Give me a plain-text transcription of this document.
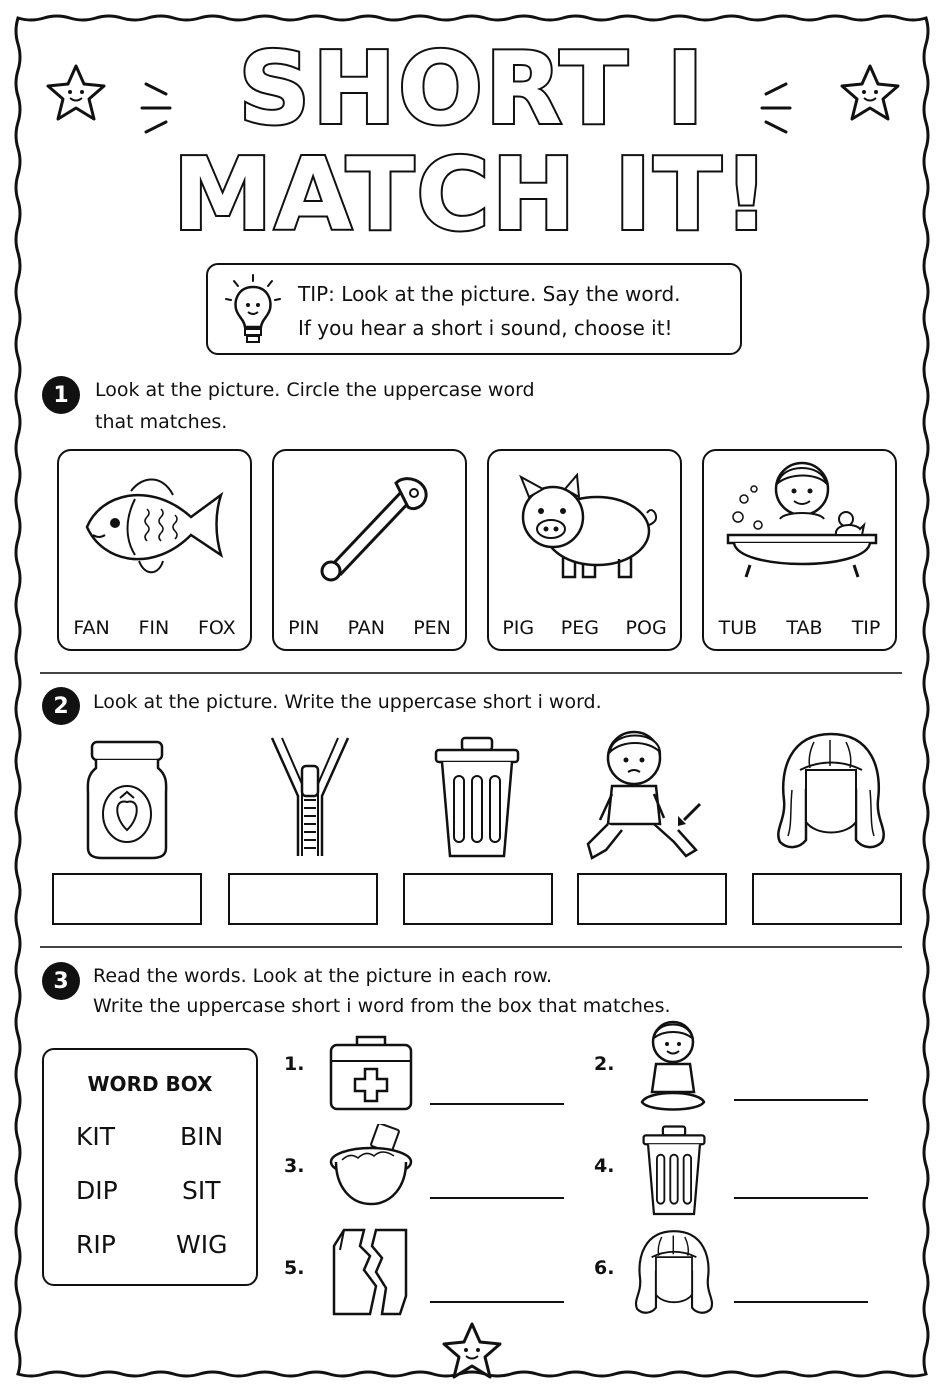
SHORT I
MATCH IT!
TIP: Look at the picture. Say the word.
If you hear a short i sound, choose it!
1	Look at the picture. Circle the uppercase word
that matches.
FAN FIN FOX	PIN PAN PEN	PIG PEG POG	TUB TAB TIP
2	Look at the picture. Write the uppercase short i word.
3	Read the words. Look at the picture in each row.
Write the uppercase short i word from the box that matches.
WORD BOX
KIT	BIN
DIP	SIT
RIP WIG
1.	2.
3.	4.
5.	6.
